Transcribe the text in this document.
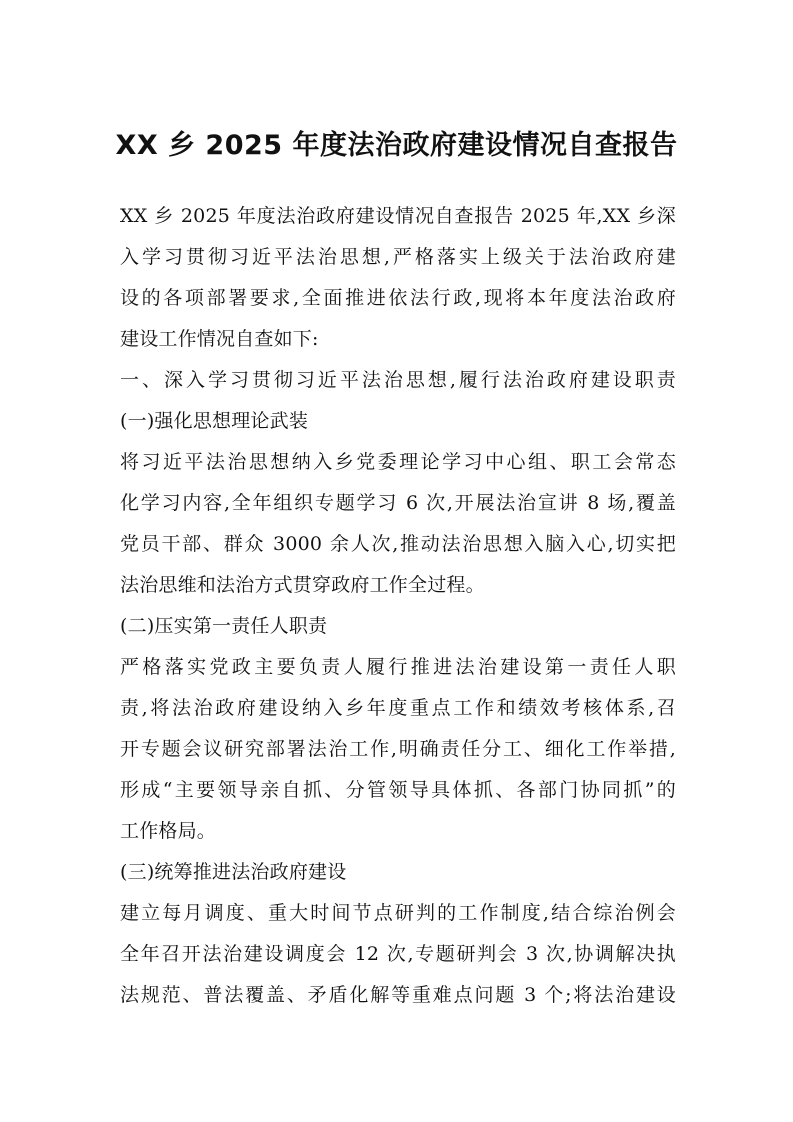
XX 乡 2025 年度法治政府建设情况自查报告
XX 乡 2025 年度法治政府建设情况自查报告 2025 年,XX 乡深
入学习贯彻习近平法治思想,严格落实上级关于法治政府建
设的各项部署要求,全面推进依法行政,现将本年度法治政府
建设工作情况自查如下:
一、深入学习贯彻习近平法治思想,履行法治政府建设职责
(一)强化思想理论武装
将习近平法治思想纳入乡党委理论学习中心组、职工会常态
化学习内容,全年组织专题学习 6 次,开展法治宣讲 8 场,覆盖
党员干部、群众 3000 余人次,推动法治思想入脑入心,切实把
法治思维和法治方式贯穿政府工作全过程。
(二)压实第一责任人职责
严格落实党政主要负责人履行推进法治建设第一责任人职
责,将法治政府建设纳入乡年度重点工作和绩效考核体系,召
开专题会议研究部署法治工作,明确责任分工、细化工作举措,
形成“主要领导亲自抓、分管领导具体抓、各部门协同抓”的
工作格局。
(三)统筹推进法治政府建设
建立每月调度、重大时间节点研判的工作制度,结合综治例会
全年召开法治建设调度会 12 次,专题研判会 3 次,协调解决执
法规范、普法覆盖、矛盾化解等重难点问题 3 个;将法治建设
